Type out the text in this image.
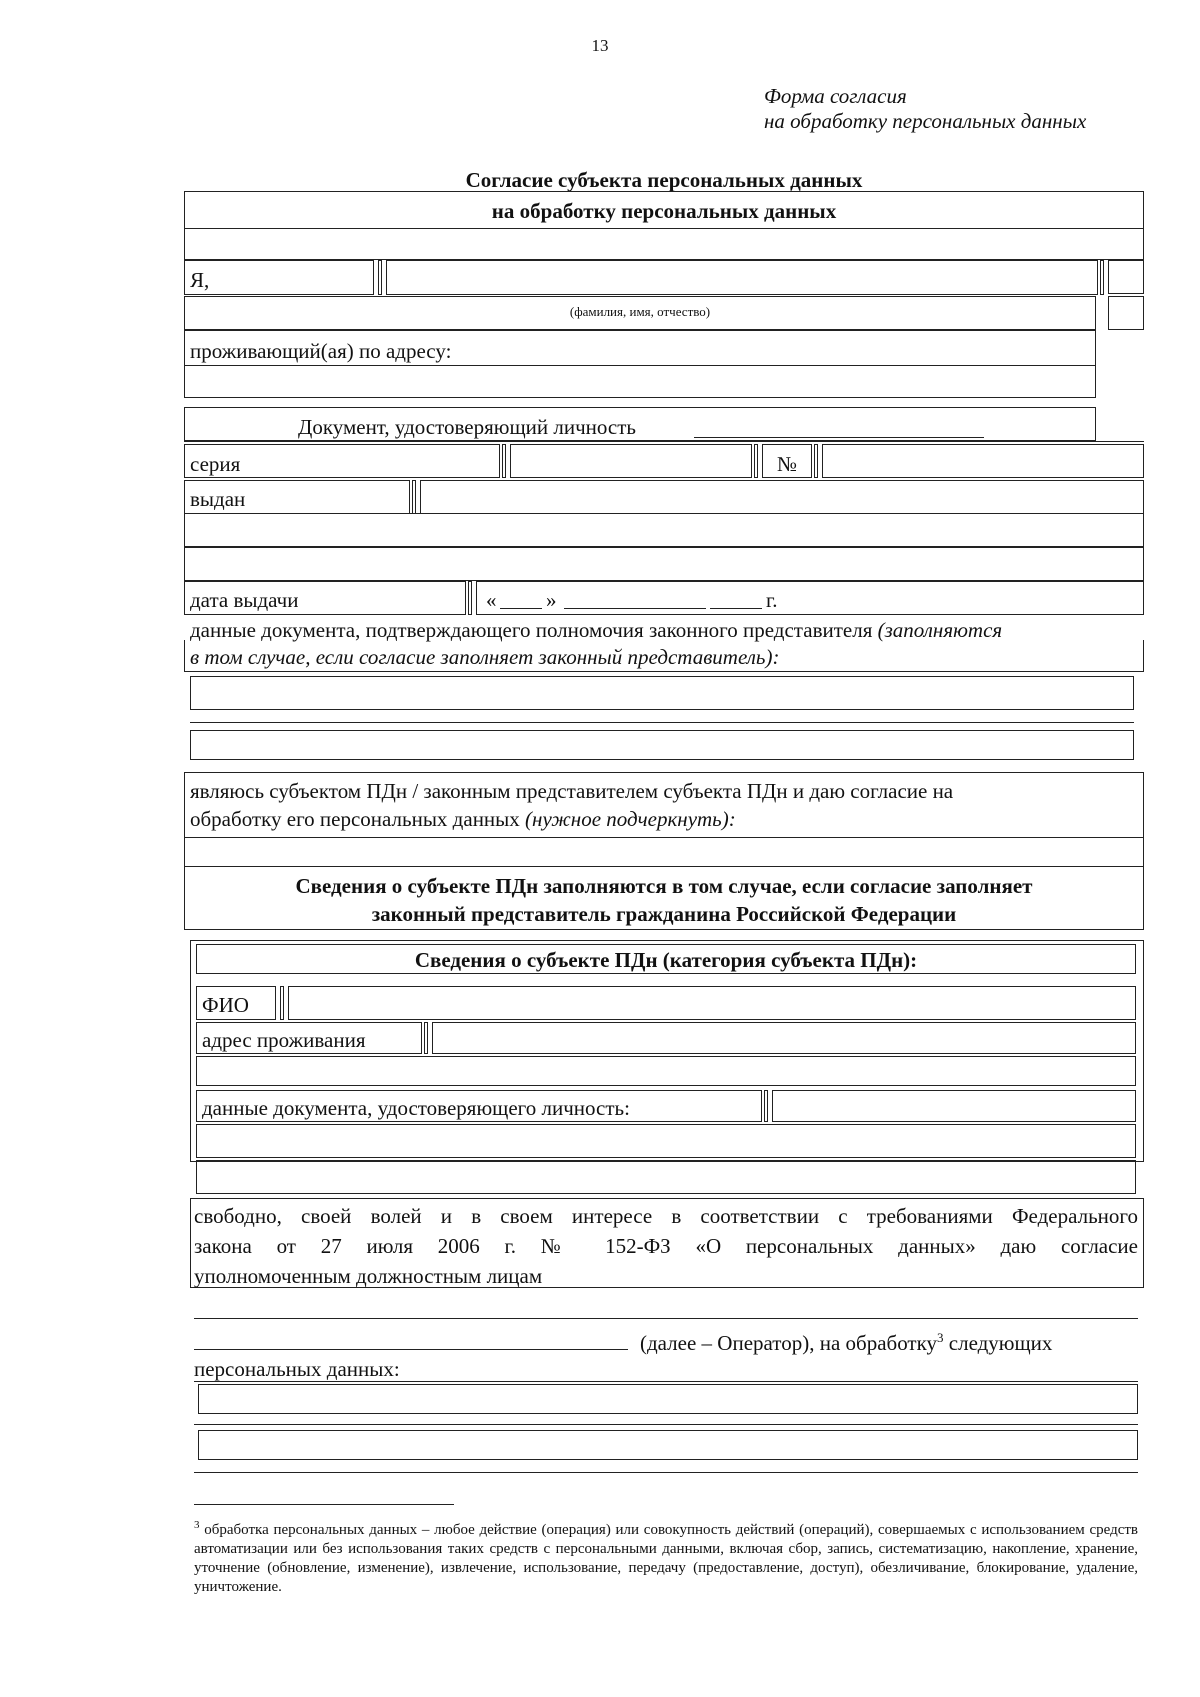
13
Форма согласия
на обработку персональных данных
Согласие субъекта персональных данных
на обработку персональных данных
Я,
(фамилия, имя, отчество)
проживающий(ая) по адресу:
Документ, удостоверяющий личность
серия	№
выдан
дата выдачи	« »	г.
данные документа, подтверждающего полномочия законного представителя (заполняются
в том случае, если согласие заполняет законный представитель):
являюсь субъектом ПДн / законным представителем субъекта ПДн и даю согласие на
обработку его персональных данных (нужное подчеркнуть):
Сведения о субъекте ПДн заполняются в том случае, если согласие заполняет
законный представитель гражданина Российской Федерации
Сведения о субъекте ПДн (категория субъекта ПДн):
ФИО
адрес проживания
данные документа, удостоверяющего личность:
свободно, своей волей и в своем интересе в соответствии с требованиями Федерального
закона от 27 июля 2006 г. № 152-ФЗ «О персональных данных» даю согласие
уполномоченным должностным лицам
(далее – Оператор), на обработку$^3$ следующих
персональных данных:
$^3$ обработка персональных данных – любое действие (операция) или совокупность действий (операций), совершаемых с использованием средств автоматизации или без использования таких средств с персональными данными, включая сбор, запись, систематизацию, накопление, хранение, уточнение (обновление, изменение), извлечение, использование, передачу (предоставление, доступ), обезличивание, блокирование, удаление, уничтожение.
